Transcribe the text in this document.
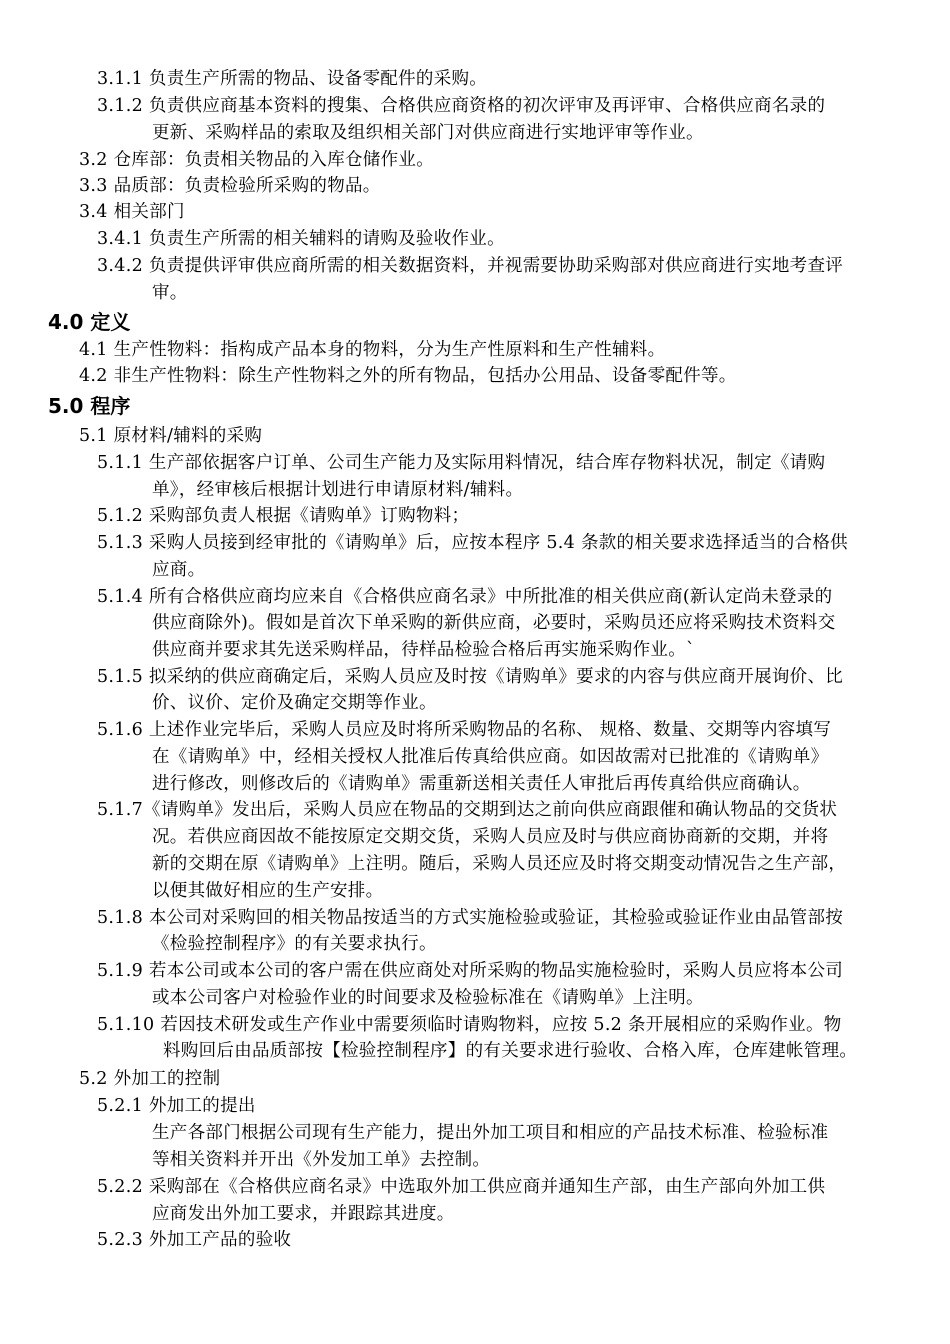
3.1.1 负责生产所需的物品、设备零配件的采购。
3.1.2 负责供应商基本资料的搜集、合格供应商资格的初次评审及再评审、合格供应商名录的
更新、采购样品的索取及组织相关部门对供应商进行实地评审等作业。
3.2 仓库部：负责相关物品的入库仓储作业。
3.3 品质部：负责检验所采购的物品。
3.4 相关部门
3.4.1 负责生产所需的相关辅料的请购及验收作业。
3.4.2 负责提供评审供应商所需的相关数据资料，并视需要协助采购部对供应商进行实地考查评
审。
4.0 定义
4.1 生产性物料：指构成产品本身的物料，分为生产性原料和生产性辅料。
4.2 非生产性物料：除生产性物料之外的所有物品，包括办公用品、设备零配件等。
5.0 程序
5.1 原材料/辅料的采购
5.1.1 生产部依据客户订单、公司生产能力及实际用料情况，结合库存物料状况，制定《请购
单》，经审核后根据计划进行申请原材料/辅料。
5.1.2 采购部负责人根据《请购单》订购物料；
5.1.3 采购人员接到经审批的《请购单》后，应按本程序 5.4 条款的相关要求选择适当的合格供
应商。
5.1.4 所有合格供应商均应来自《合格供应商名录》中所批准的相关供应商(新认定尚未登录的
供应商除外)。假如是首次下单采购的新供应商，必要时，采购员还应将采购技术资料交
供应商并要求其先送采购样品，待样品检验合格后再实施采购作业。`
5.1.5 拟采纳的供应商确定后，采购人员应及时按《请购单》要求的内容与供应商开展询价、比
价、议价、定价及确定交期等作业。
5.1.6 上述作业完毕后，采购人员应及时将所采购物品的名称、 规格、数量、交期等内容填写
在《请购单》中，经相关授权人批准后传真给供应商。如因故需对已批准的《请购单》
进行修改，则修改后的《请购单》需重新送相关责任人审批后再传真给供应商确认。
5.1.7《请购单》发出后，采购人员应在物品的交期到达之前向供应商跟催和确认物品的交货状
况。若供应商因故不能按原定交期交货，采购人员应及时与供应商协商新的交期，并将
新的交期在原《请购单》上注明。随后，采购人员还应及时将交期变动情况告之生产部，
以便其做好相应的生产安排。
5.1.8 本公司对采购回的相关物品按适当的方式实施检验或验证，其检验或验证作业由品管部按
《检验控制程序》的有关要求执行。
5.1.9 若本公司或本公司的客户需在供应商处对所采购的物品实施检验时，采购人员应将本公司
或本公司客户对检验作业的时间要求及检验标准在《请购单》上注明。
5.1.10 若因技术研发或生产作业中需要须临时请购物料，应按 5.2 条开展相应的采购作业。物
料购回后由品质部按【检验控制程序】的有关要求进行验收、合格入库，仓库建帐管理。
5.2 外加工的控制
5.2.1 外加工的提出
生产各部门根据公司现有生产能力，提出外加工项目和相应的产品技术标准、检验标准
等相关资料并开出《外发加工单》去控制。
5.2.2 采购部在《合格供应商名录》中选取外加工供应商并通知生产部，由生产部向外加工供
应商发出外加工要求，并跟踪其进度。
5.2.3 外加工产品的验收
